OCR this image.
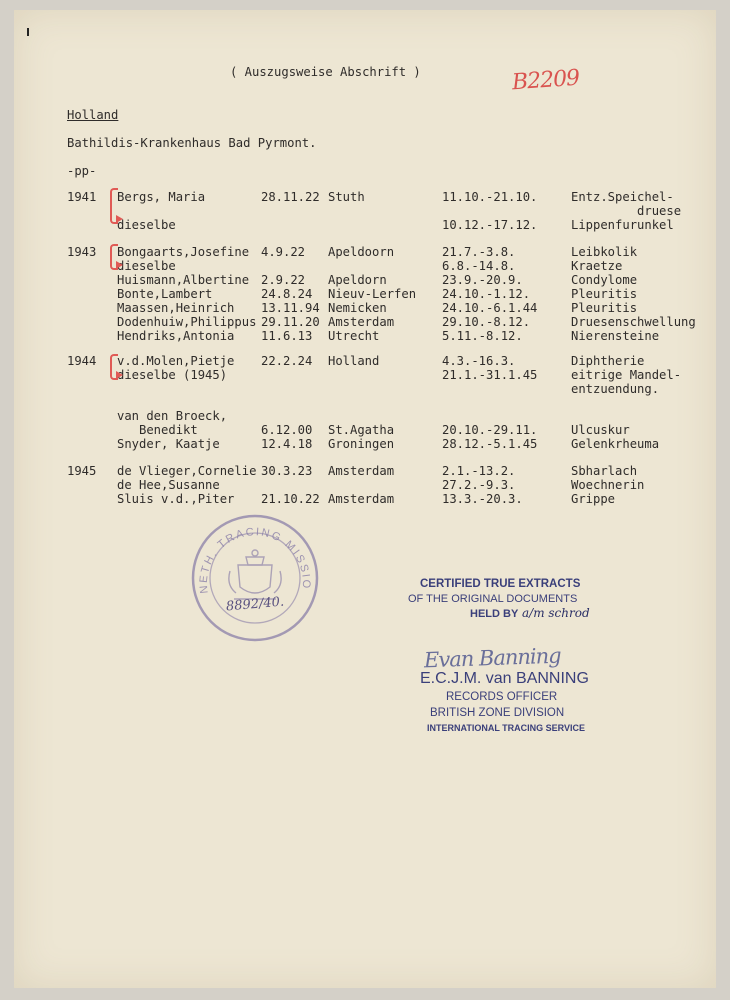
( Auszugsweise Abschrift )	B2209
Holland
Bathildis-Krankenhaus Bad Pyrmont.
-pp-
1941 Bergs, Maria	28.11.22 Stuth	11.10.-21.10.	Entz.Speichel-
druese
dieselbe	10.12.-17.12.	Lippenfurunkel
1943 Bongaarts,Josefine 4.9.22 Apeldoorn	21.7.-3.8.	Leibkolik
dieselbe	6.8.-14.8.	Kraetze
Huismann,Albertine 2.9.22 Apeldorn	23.9.-20.9.	Condylome
Bonte,Lambert	24.8.24 Nieuv-Lerfen 24.10.-1.12.	Pleuritis
Maassen,Heinrich 13.11.94 Nemicken	24.10.-6.1.44	Pleuritis
Dodenhuiw,Philippus 29.11.20 Amsterdam	29.10.-8.12.	Druesenschwellung
Hendriks,Antonia 11.6.13 Utrecht	5.11.-8.12.	Nierensteine
1944 v.d.Molen,Pietje 22.2.24 Holland	4.3.-16.3.	Diphtherie
dieselbe (1945)	21.1.-31.1.45	eitrige Mandel-
entzuendung.
van den Broeck,
Benedikt	6.12.00 St.Agatha	20.10.-29.11.	Ulcuskur
Snyder, Kaatje	12.4.18 Groningen	28.12.-5.1.45	Gelenkrheuma
1945 de Vlieger,Cornelie 30.3.23 Amsterdam	2.1.-13.2.	Sbharlach
de Hee,Susanne	27.2.-9.3.	Woechnerin
Sluis v.d.,Piter 21.10.22 Amsterdam	13.3.-20.3.	Grippe
NETH. TRACING MISSIO
8892/40.
CERTIFIED TRUE EXTRACTS
OF THE ORIGINAL DOCUMENTS
HELD BY a/m schrod
Evan Banning
E.C.J.M. van BANNING
RECORDS OFFICER
BRITISH ZONE DIVISION
INTERNATIONAL TRACING SERVICE
